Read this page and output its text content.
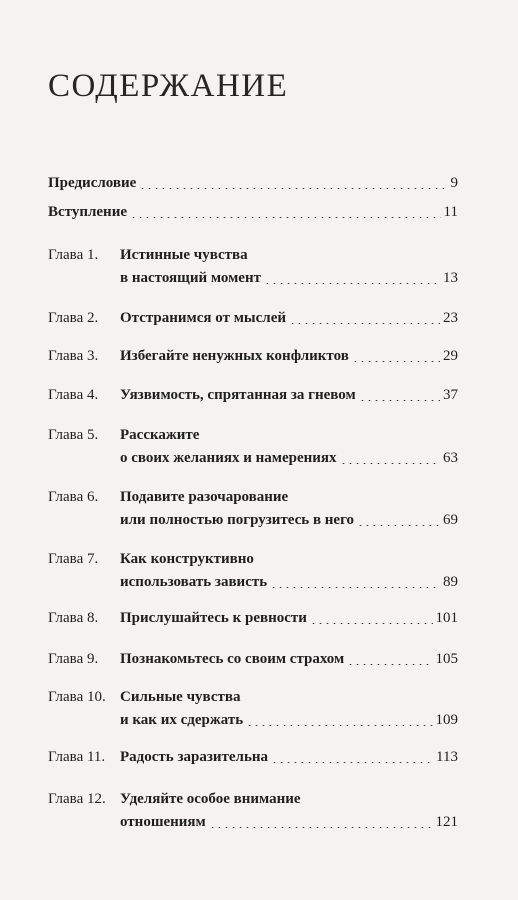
СОДЕРЖАНИЕ
Предисловие	9
Вступление	11
Глава 1.	Истинные чувства
в настоящий момент	13
Глава 2.	Отстранимся от мыслей	23
Глава 3.	Избегайте ненужных конфликтов	29
Глава 4.	Уязвимость, спрятанная за гневом	37
Глава 5.	Расскажите
о своих желаниях и намерениях	63
Глава 6.	Подавите разочарование
или полностью погрузитесь в него	69
Глава 7.	Как конструктивно
использовать зависть	89
Глава 8.	Прислушайтесь к ревности	101
Глава 9.	Познакомьтесь со своим страхом	105
Глава 10. Сильные чувства
и как их сдержать	109
Глава 11. Радость заразительна	113
Глава 12. Уделяйте особое внимание
отношениям	121
